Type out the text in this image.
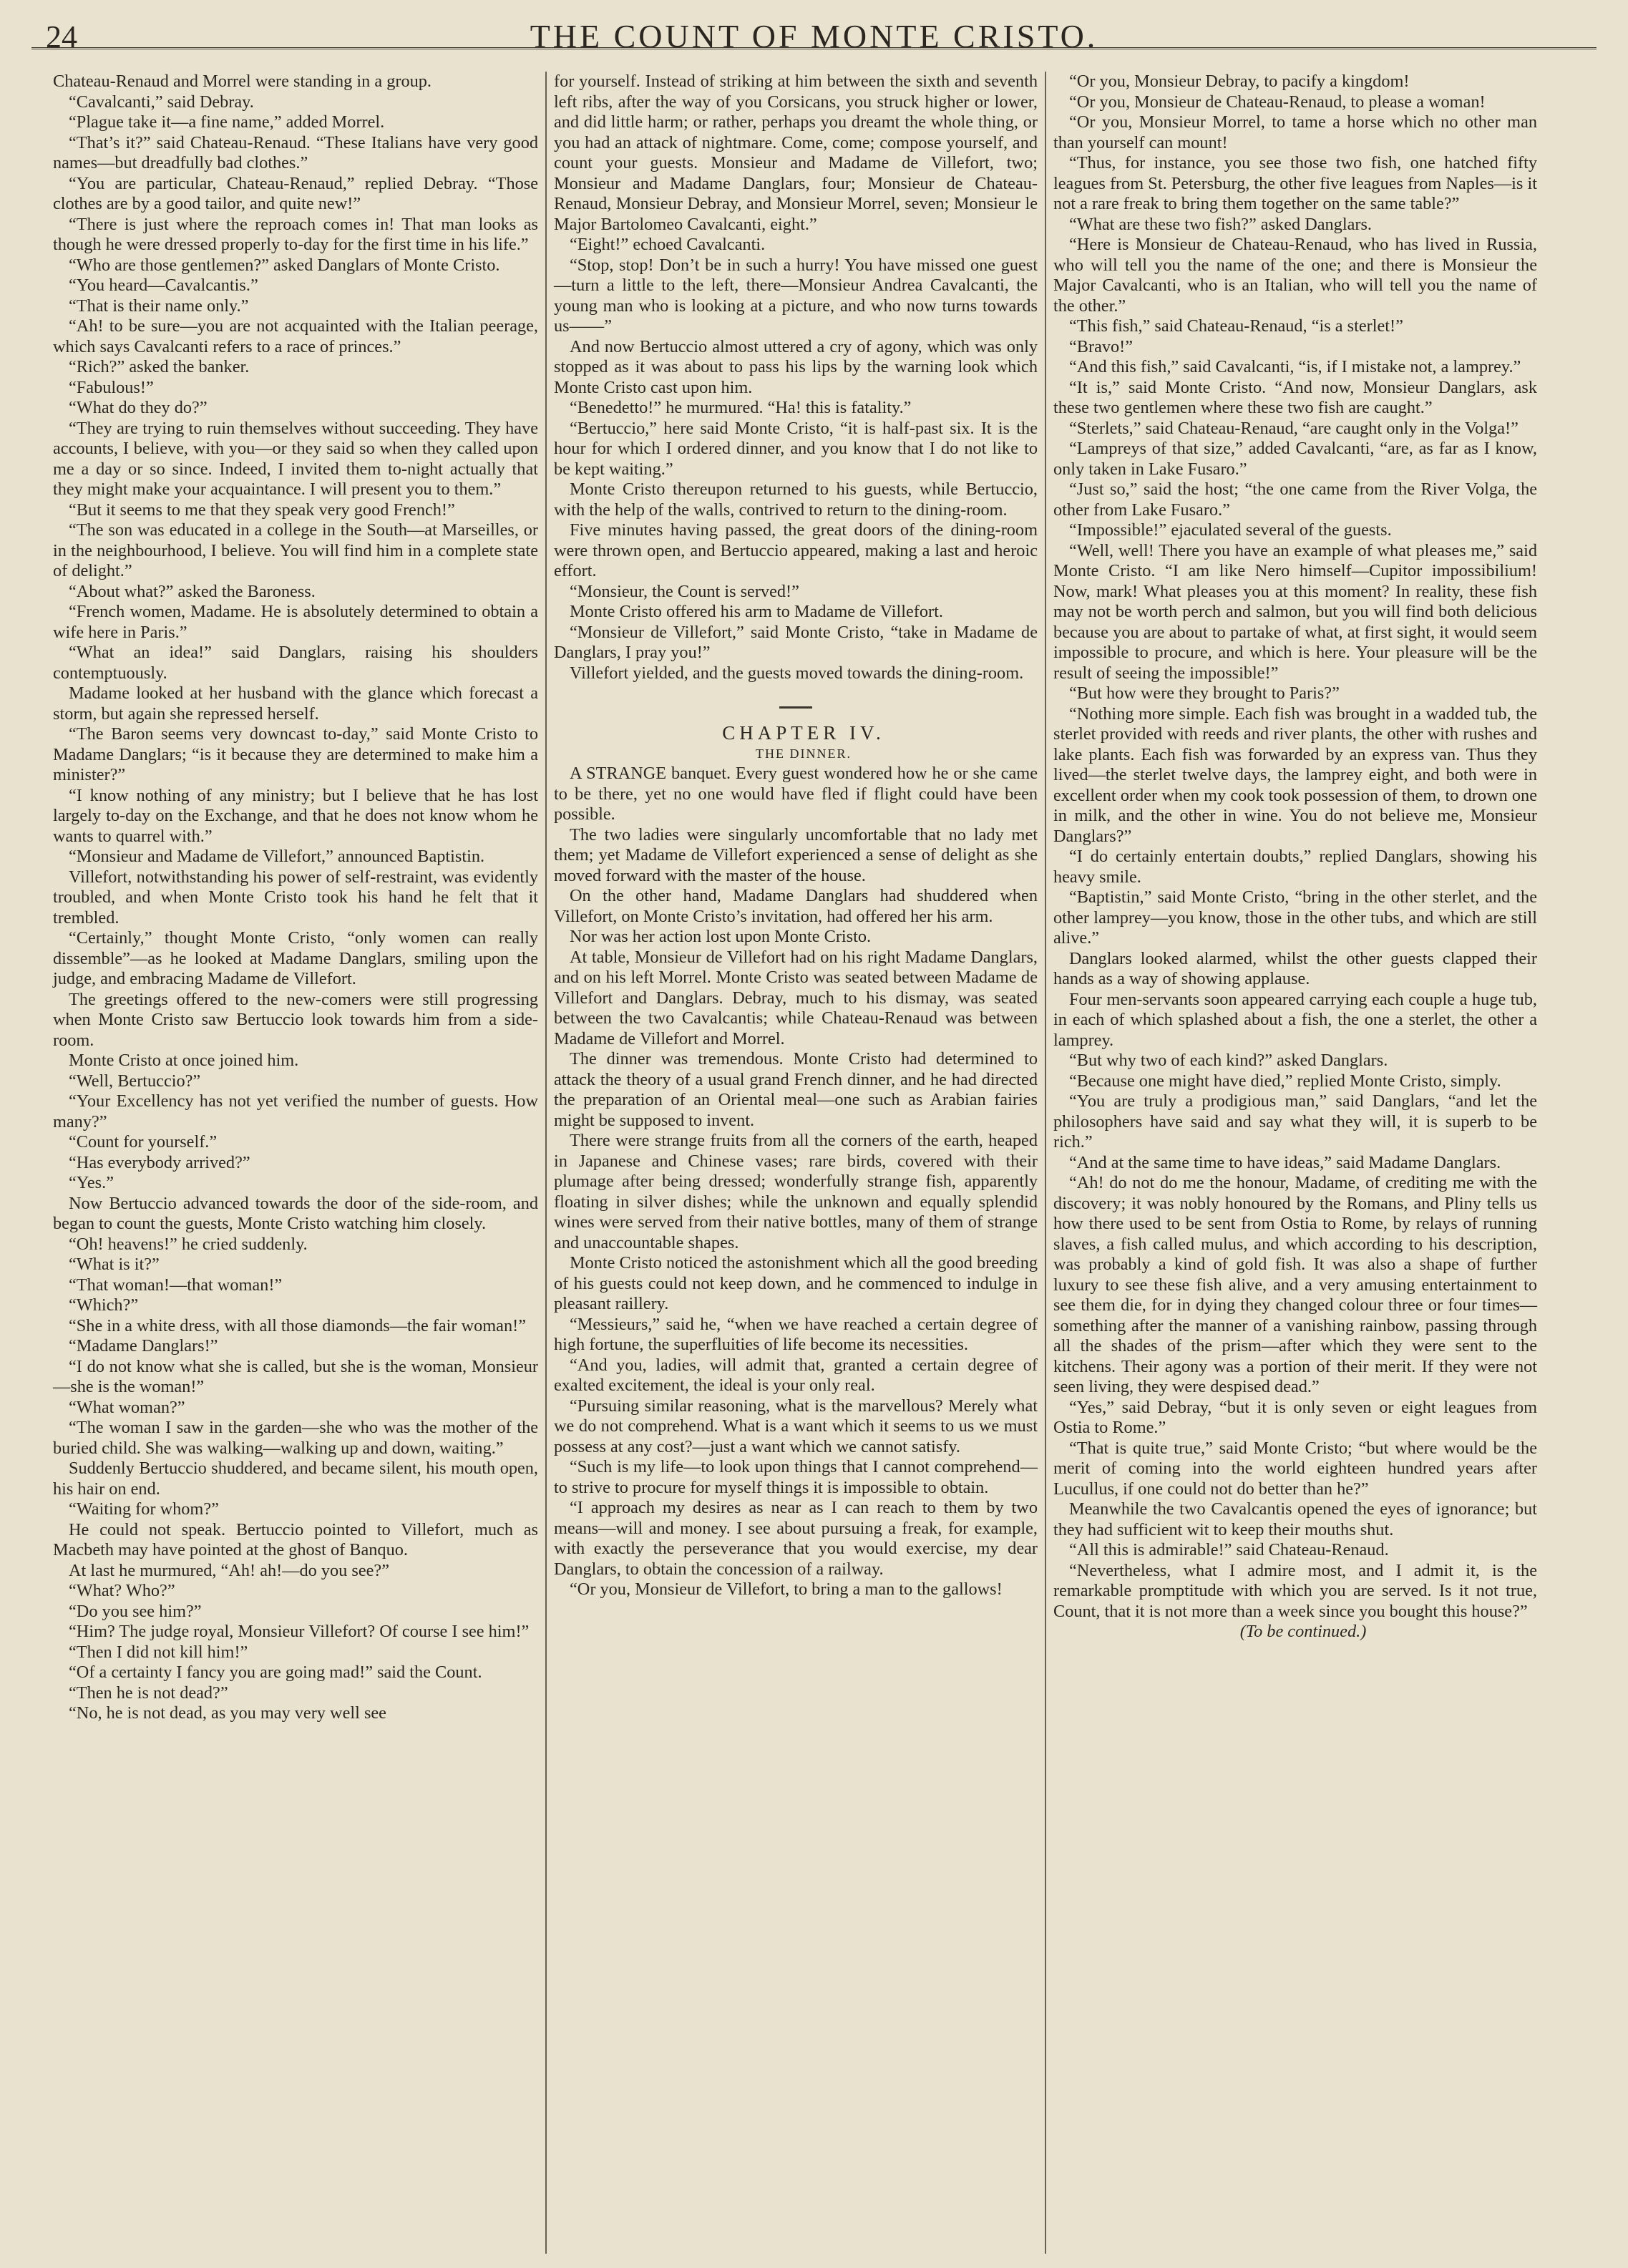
24	THE COUNT OF MONTE CRISTO.

Chateau-Renaud and Morrel were standing in a group.

“Cavalcanti,” said Debray.

“Plague take it—a fine name,” added Morrel.

“That’s it?” said Chateau-Renaud. “These Italians have very good names—but dreadfully bad clothes.”

“You are particular, Chateau-Renaud,” replied Debray. “Those clothes are by a good tailor, and quite new!”

“There is just where the reproach comes in! That man looks as though he were dressed properly to-day for the first time in his life.”

“Who are those gentlemen?” asked Danglars of Monte Cristo.

“You heard—Cavalcantis.”

“That is their name only.”

“Ah! to be sure—you are not acquainted with the Italian peerage, which says Cavalcanti refers to a race of princes.”

“Rich?” asked the banker.

“Fabulous!”

“What do they do?”

“They are trying to ruin themselves without succeeding. They have accounts, I believe, with you—or they said so when they called upon me a day or so since. Indeed, I invited them to-night actually that they might make your acquaintance. I will present you to them.”

“But it seems to me that they speak very good French!”

“The son was educated in a college in the South—at Marseilles, or in the neighbourhood, I believe. You will find him in a complete state of delight.”

“About what?” asked the Baroness.

“French women, Madame. He is absolutely determined to obtain a wife here in Paris.”

“What an idea!” said Danglars, raising his shoulders contemptuously.

Madame looked at her husband with the glance which forecast a storm, but again she repressed herself.

“The Baron seems very downcast to-day,” said Monte Cristo to Madame Danglars; “is it because they are determined to make him a minister?”

“I know nothing of any ministry; but I believe that he has lost largely to-day on the Exchange, and that he does not know whom he wants to quarrel with.”

“Monsieur and Madame de Villefort,” announced Baptistin.

Villefort, notwithstanding his power of self-restraint, was evidently troubled, and when Monte Cristo took his hand he felt that it trembled.

“Certainly,” thought Monte Cristo, “only women can really dissemble”—as he looked at Madame Danglars, smiling upon the judge, and embracing Madame de Villefort.

The greetings offered to the new-comers were still progressing when Monte Cristo saw Bertuccio look towards him from a side-room.

Monte Cristo at once joined him.

“Well, Bertuccio?”

“Your Excellency has not yet verified the number of guests. How many?”

“Count for yourself.”

“Has everybody arrived?”

“Yes.”

Now Bertuccio advanced towards the door of the side-room, and began to count the guests, Monte Cristo watching him closely.

“Oh! heavens!” he cried suddenly.

“What is it?”

“That woman!—that woman!”

“Which?”

“She in a white dress, with all those diamonds—the fair woman!”

“Madame Danglars!”

“I do not know what she is called, but she is the woman, Monsieur—she is the woman!”

“What woman?”

“The woman I saw in the garden—she who was the mother of the buried child. She was walking—walking up and down, waiting.”

Suddenly Bertuccio shuddered, and became silent, his mouth open, his hair on end.

“Waiting for whom?”

He could not speak. Bertuccio pointed to Villefort, much as Macbeth may have pointed at the ghost of Banquo.

At last he murmured, “Ah! ah!—do you see?”

“What? Who?”

“Do you see him?”

“Him? The judge royal, Monsieur Villefort? Of course I see him!”

“Then I did not kill him!”

“Of a certainty I fancy you are going mad!” said the Count.

“Then he is not dead?”

“No, he is not dead, as you may very well see

for yourself. Instead of striking at him between the sixth and seventh left ribs, after the way of you Corsicans, you struck higher or lower, and did little harm; or rather, perhaps you dreamt the whole thing, or you had an attack of nightmare. Come, come; compose yourself, and count your guests. Monsieur and Madame de Villefort, two; Monsieur and Madame Danglars, four; Monsieur de Chateau-Renaud, Monsieur Debray, and Monsieur Morrel, seven; Monsieur le Major Bartolomeo Cavalcanti, eight.”

“Eight!” echoed Cavalcanti.

“Stop, stop! Don’t be in such a hurry! You have missed one guest—turn a little to the left, there—Monsieur Andrea Cavalcanti, the young man who is looking at a picture, and who now turns towards us——”

And now Bertuccio almost uttered a cry of agony, which was only stopped as it was about to pass his lips by the warning look which Monte Cristo cast upon him.

“Benedetto!” he murmured. “Ha! this is fatality.”

“Bertuccio,” here said Monte Cristo, “it is half-past six. It is the hour for which I ordered dinner, and you know that I do not like to be kept waiting.”

Monte Cristo thereupon returned to his guests, while Bertuccio, with the help of the walls, contrived to return to the dining-room.

Five minutes having passed, the great doors of the dining-room were thrown open, and Bertuccio appeared, making a last and heroic effort.

“Monsieur, the Count is served!”

Monte Cristo offered his arm to Madame de Villefort.

“Monsieur de Villefort,” said Monte Cristo, “take in Madame de Danglars, I pray you!”

Villefort yielded, and the guests moved towards the dining-room.

CHAPTER IV.

THE DINNER.

A STRANGE banquet. Every guest wondered how he or she came to be there, yet no one would have fled if flight could have been possible.

The two ladies were singularly uncomfortable that no lady met them; yet Madame de Villefort experienced a sense of delight as she moved forward with the master of the house.

On the other hand, Madame Danglars had shuddered when Villefort, on Monte Cristo’s invitation, had offered her his arm.

Nor was her action lost upon Monte Cristo.

At table, Monsieur de Villefort had on his right Madame Danglars, and on his left Morrel. Monte Cristo was seated between Madame de Villefort and Danglars. Debray, much to his dismay, was seated between the two Cavalcantis; while Chateau-Renaud was between Madame de Villefort and Morrel.

The dinner was tremendous. Monte Cristo had determined to attack the theory of a usual grand French dinner, and he had directed the preparation of an Oriental meal—one such as Arabian fairies might be supposed to invent.

There were strange fruits from all the corners of the earth, heaped in Japanese and Chinese vases; rare birds, covered with their plumage after being dressed; wonderfully strange fish, apparently floating in silver dishes; while the unknown and equally splendid wines were served from their native bottles, many of them of strange and unaccountable shapes.

Monte Cristo noticed the astonishment which all the good breeding of his guests could not keep down, and he commenced to indulge in pleasant raillery.

“Messieurs,” said he, “when we have reached a certain degree of high fortune, the superfluities of life become its necessities.

“And you, ladies, will admit that, granted a certain degree of exalted excitement, the ideal is your only real.

“Pursuing similar reasoning, what is the marvellous? Merely what we do not comprehend. What is a want which it seems to us we must possess at any cost?—just a want which we cannot satisfy.

“Such is my life—to look upon things that I cannot comprehend—to strive to procure for myself things it is impossible to obtain.

“I approach my desires as near as I can reach to them by two means—will and money. I see about pursuing a freak, for example, with exactly the perseverance that you would exercise, my dear Danglars, to obtain the concession of a railway.

“Or you, Monsieur de Villefort, to bring a man to the gallows!

“Or you, Monsieur Debray, to pacify a kingdom!

“Or you, Monsieur de Chateau-Renaud, to please a woman!

“Or you, Monsieur Morrel, to tame a horse which no other man than yourself can mount!

“Thus, for instance, you see those two fish, one hatched fifty leagues from St. Petersburg, the other five leagues from Naples—is it not a rare freak to bring them together on the same table?”

“What are these two fish?” asked Danglars.

“Here is Monsieur de Chateau-Renaud, who has lived in Russia, who will tell you the name of the one; and there is Monsieur the Major Cavalcanti, who is an Italian, who will tell you the name of the other.”

“This fish,” said Chateau-Renaud, “is a sterlet!”

“Bravo!”

“And this fish,” said Cavalcanti, “is, if I mistake not, a lamprey.”

“It is,” said Monte Cristo. “And now, Monsieur Danglars, ask these two gentlemen where these two fish are caught.”

“Sterlets,” said Chateau-Renaud, “are caught only in the Volga!”

“Lampreys of that size,” added Cavalcanti, “are, as far as I know, only taken in Lake Fusaro.”

“Just so,” said the host; “the one came from the River Volga, the other from Lake Fusaro.”

“Impossible!” ejaculated several of the guests.

“Well, well! There you have an example of what pleases me,” said Monte Cristo. “I am like Nero himself—Cupitor impossibilium! Now, mark! What pleases you at this moment? In reality, these fish may not be worth perch and salmon, but you will find both delicious because you are about to partake of what, at first sight, it would seem impossible to procure, and which is here. Your pleasure will be the result of seeing the impossible!”

“But how were they brought to Paris?”

“Nothing more simple. Each fish was brought in a wadded tub, the sterlet provided with reeds and river plants, the other with rushes and lake plants. Each fish was forwarded by an express van. Thus they lived—the sterlet twelve days, the lamprey eight, and both were in excellent order when my cook took possession of them, to drown one in milk, and the other in wine. You do not believe me, Monsieur Danglars?”

“I do certainly entertain doubts,” replied Danglars, showing his heavy smile.

“Baptistin,” said Monte Cristo, “bring in the other sterlet, and the other lamprey—you know, those in the other tubs, and which are still alive.”

Danglars looked alarmed, whilst the other guests clapped their hands as a way of showing applause.

Four men-servants soon appeared carrying each couple a huge tub, in each of which splashed about a fish, the one a sterlet, the other a lamprey.

“But why two of each kind?” asked Danglars.

“Because one might have died,” replied Monte Cristo, simply.

“You are truly a prodigious man,” said Danglars, “and let the philosophers have said and say what they will, it is superb to be rich.”

“And at the same time to have ideas,” said Madame Danglars.

“Ah! do not do me the honour, Madame, of crediting me with the discovery; it was nobly honoured by the Romans, and Pliny tells us how there used to be sent from Ostia to Rome, by relays of running slaves, a fish called mulus, and which according to his description, was probably a kind of gold fish. It was also a shape of further luxury to see these fish alive, and a very amusing entertainment to see them die, for in dying they changed colour three or four times—something after the manner of a vanishing rainbow, passing through all the shades of the prism—after which they were sent to the kitchens. Their agony was a portion of their merit. If they were not seen living, they were despised dead.”

“Yes,” said Debray, “but it is only seven or eight leagues from Ostia to Rome.”

“That is quite true,” said Monte Cristo; “but where would be the merit of coming into the world eighteen hundred years after Lucullus, if one could not do better than he?”

Meanwhile the two Cavalcantis opened the eyes of ignorance; but they had sufficient wit to keep their mouths shut.

“All this is admirable!” said Chateau-Renaud.

“Nevertheless, what I admire most, and I admit it, is the remarkable promptitude with which you are served. Is it not true, Count, that it is not more than a week since you bought this house?”

(To be continued.)
